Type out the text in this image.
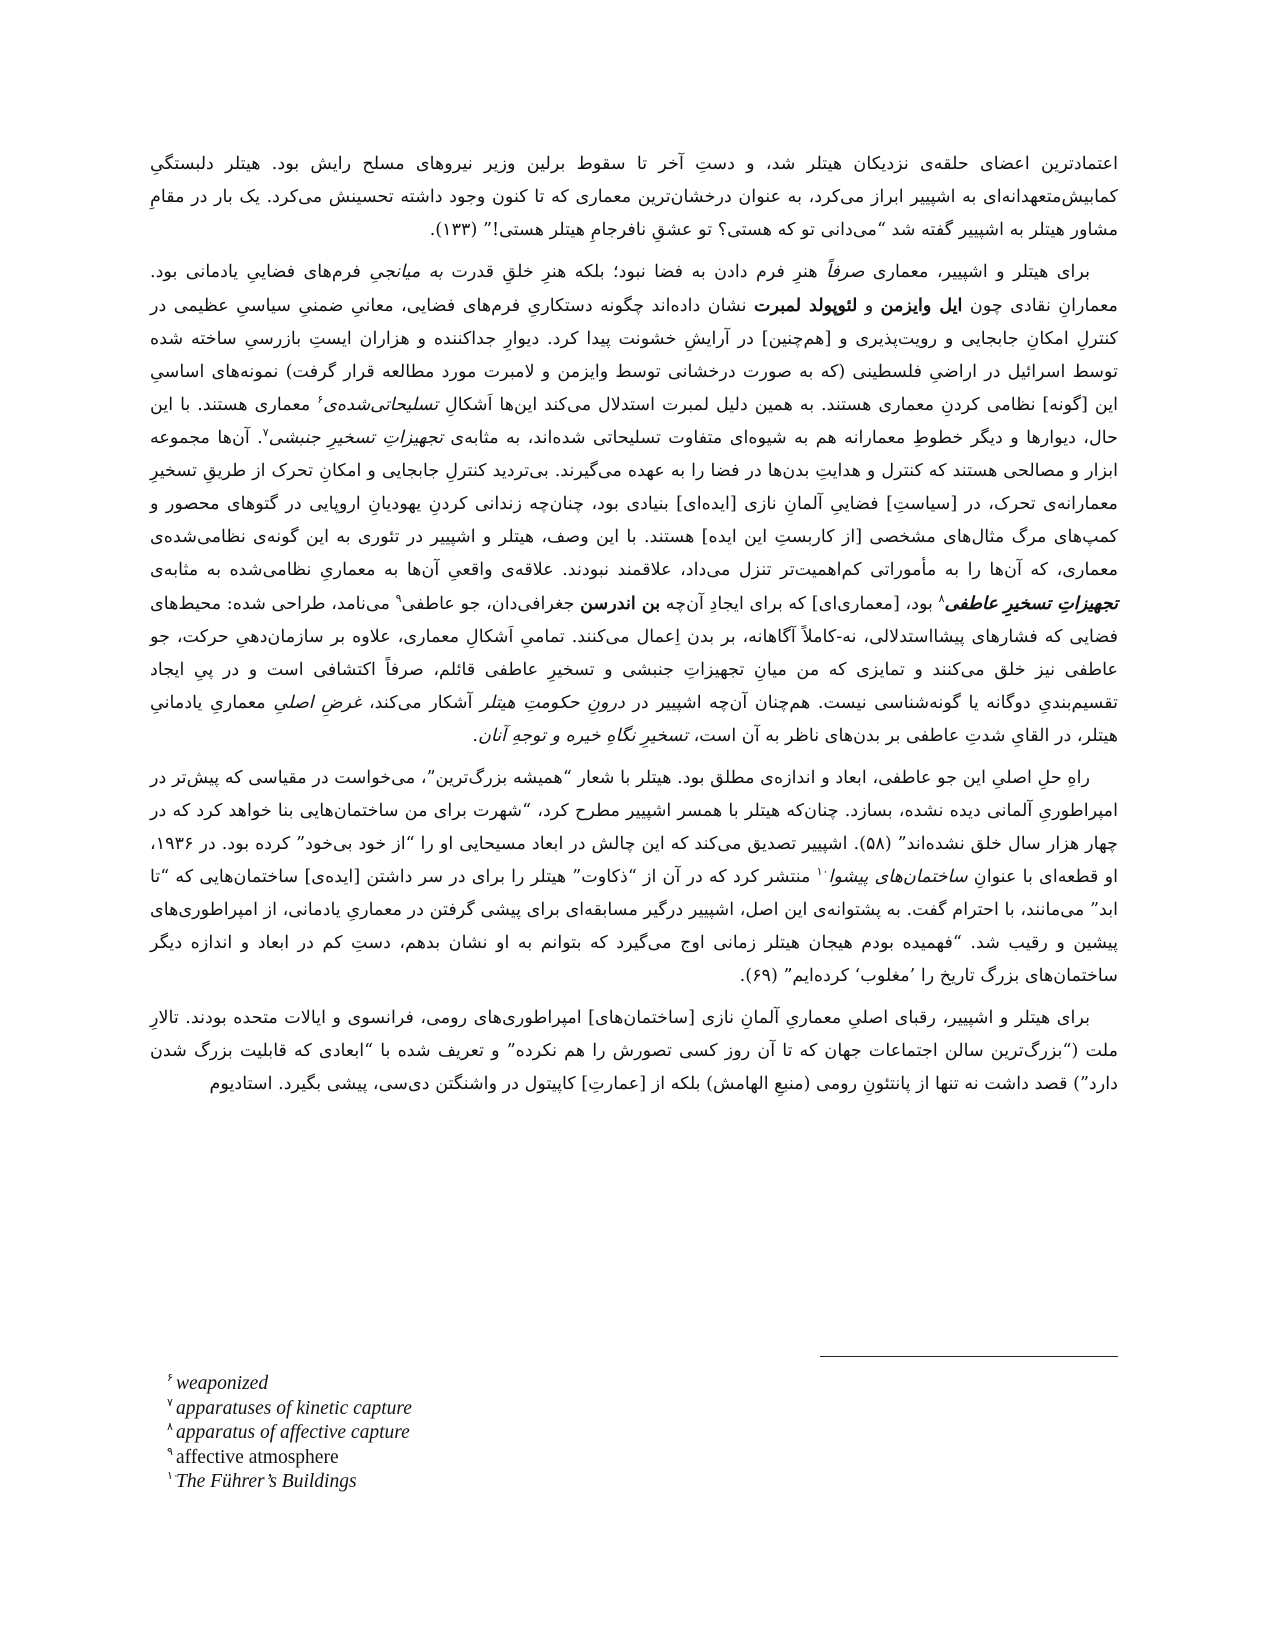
اعتمادترین اعضای حلقه‌ی نزدیکان هیتلر شد، و دستِ آخر تا سقوط برلین وزیر نیروهای مسلح رایش بود. هیتلر دلبستگیِ کمابیش‌متعهدانه‌ای به اشپییر ابراز می‌کرد، به عنوان درخشان‌ترین معماری که تا کنون وجود داشته تحسینش می‌کرد. یک بار در مقامِ مشاور هیتلر به اشپییر گفته شد “می‌دانی تو که هستی؟ تو عشقِ نافرجامِ هیتلر هستی!” (۱۳۳).

برای هیتلر و اشپییر، معماری صرفاً هنرِ فرم دادن به فضا نبود؛ بلکه هنرِ خلقِ قدرت به میانجیِ فرم‌های فضاییِ یادمانی بود. معمارانِ نقادی چون ایل وایزمن و لئوپولد لمبرت نشان داده‌اند چگونه دستکاریِ فرم‌های فضایی، معانیِ ضمنیِ سیاسیِ عظیمی در کنترلِ امکانِ جابجایی و رویت‌پذیری و [هم‌چنین] در آرایشِ خشونت پیدا کرد. دیوارِ جداکننده و هزاران ایستِ بازرسیِ ساخته شده توسط اسرائیل در اراضیِ فلسطینی (که به صورت درخشانی توسط وایزمن و لامبرت مورد مطالعه قرار گرفت) نمونه‌های اساسیِ این [گونه] نظامی کردنِ معماری هستند. به همین دلیل لمبرت استدلال می‌کند این‌ها اَشکالِ تسلیحاتی‌شده‌ی$^۶$ معماری هستند. با این حال، دیوارها و دیگر خطوطِ معمارانه هم به شیوه‌ای متفاوت تسلیحاتی شده‌اند، به مثابه‌ی تجهیزاتِ تسخیرِ جنبشی$^۷$. آن‌ها مجموعه ابزار و مصالحی هستند که کنترل و هدایتِ بدن‌ها در فضا را به عهده می‌گیرند. بی‌تردید کنترلِ جابجایی و امکانِ تحرک از طریقِ تسخیرِ معمارانه‌ی تحرک، در [سیاستِ] فضاییِ آلمانِ نازی [ایده‌ای] بنیادی بود، چنان‌چه زندانی کردنِ یهودیانِ اروپایی در گتوهای محصور و کمپ‌های مرگ مثال‌های مشخصی [از کاربستِ این ایده] هستند. با این وصف، هیتلر و اشپییر در تئوری به این گونه‌ی نظامی‌شده‌ی معماری، که آن‌ها را به مأموراتی کم‌اهمیت‌تر تنزل می‌داد، علاقمند نبودند. علاقه‌ی واقعیِ آن‌ها به معماریِ نظامی‌شده به مثابه‌ی تجهیزاتِ تسخیرِ عاطفی$^۸$ بود، [معماری‌ای] که برای ایجادِ آن‌چه بن اندرسن جغرافی‌دان، جو عاطفی$^۹$ می‌نامد، طراحی شده: محیط‌های فضایی که فشارهای پیشااستدلالی، نه-کاملاً آگاهانه، بر بدن اِعمال می‌کنند. تمامیِ اَشکالِ معماری، علاوه بر سازمان‌دهیِ حرکت، جو عاطفی نیز خلق می‌کنند و تمایزی که من میانِ تجهیزاتِ جنبشی و تسخیرِ عاطفی قائلم، صرفاً اکتشافی است و در پیِ ایجاد تقسیم‌بندیِ دوگانه یا گونه‌شناسی نیست. هم‌چنان آن‌چه اشپییر در درونِ حکومتِ هیتلر آشکار می‌کند، غرضِ اصلیِ معماریِ یادمانیِ هیتلر، در القایِ شدتِ عاطفی بر بدن‌های ناظر به آن است، تسخیرِ نگاهِ خیره و توجهِ آنان.

راهِ حلِ اصلیِ این جو عاطفی، ابعاد و اندازه‌ی مطلق بود. هیتلر با شعار “همیشه بزرگ‌ترین”، می‌خواست در مقیاسی که پیش‌تر در امپراطوریِ آلمانی دیده نشده، بسازد. چنان‌که هیتلر با همسر اشپییر مطرح کرد، “شهرت برای من ساختمان‌هایی بنا خواهد کرد که در چهار هزار سال خلق نشده‌اند” (۵۸). اشپییر تصدیق می‌کند که این چالش در ابعاد مسیحایی او را “از خود بی‌خود” کرده بود. در ۱۹۳۶، او قطعه‌ای با عنوانِ ساختمان‌های پیشوا$^{۱۰}$ منتشر کرد که در آن از “ذکاوت” هیتلر را برای در سر داشتن [ایده‌ی] ساختمان‌هایی که “تا ابد” می‌مانند، با احترام گفت. به پشتوانه‌ی این اصل، اشپییر درگیر مسابقه‌ای برای پیشی گرفتن در معماریِ یادمانی، از امپراطوری‌های پیشین و رقیب شد. “فهمیده بودم هیجان هیتلر زمانی اوج می‌گیرد که بتوانم به او نشان بدهم، دستِ کم در ابعاد و اندازه دیگر ساختمان‌های بزرگ تاریخ را ’مغلوب‘ کرده‌ایم” (۶۹).

برای هیتلر و اشپییر، رقبای اصلیِ معماریِ آلمانِ نازی [ساختمان‌های] امپراطوری‌های رومی، فرانسوی و ایالات متحده بودند. تالارِ ملت (“بزرگ‌ترین سالن اجتماعات جهان که تا آن روز کسی تصورش را هم نکرده” و تعریف شده با “ابعادی که قابلیت بزرگ شدن دارد”) قصد داشت نه تنها از پانتئونِ رومی (منبعِ الهامش) بلکه از [عمارتِ] کاپیتول در واشنگتن دی‌سی، پیشی بگیرد. استادیوم

۶ weaponized
۷ apparatuses of kinetic capture
۸ apparatus of affective capture
۹ affective atmosphere
۱۰
The Führer’s Buildings
